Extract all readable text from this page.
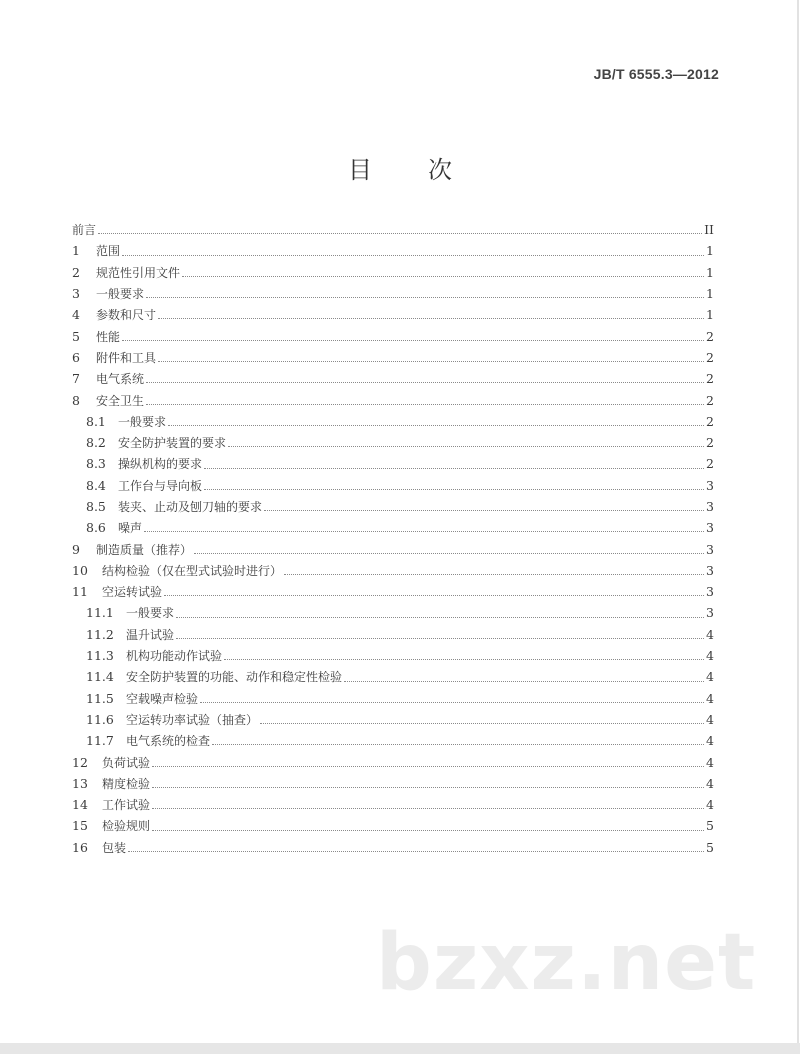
JB/T 6555.3—2012
目 次
前言	II
1	范围	1
2	规范性引用文件	1
3	一般要求	1
4	参数和尺寸	1
5	性能	2
6	附件和工具	2
7	电气系统	2
8	安全卫生	2
8.1	一般要求	2
8.2	安全防护装置的要求	2
8.3	操纵机构的要求	2
8.4	工作台与导向板	3
8.5	装夹、止动及刨刀轴的要求	3
8.6	噪声	3
9	制造质量（推荐）	3
10	结构检验（仅在型式试验时进行）	3
11	空运转试验	3
11.1	一般要求	3
11.2	温升试验	4
11.3	机构功能动作试验	4
11.4	安全防护装置的功能、动作和稳定性检验	4
11.5	空载噪声检验	4
11.6	空运转功率试验（抽查）	4
11.7	电气系统的检查	4
12	负荷试验	4
13	精度检验	4
14	工作试验	4
15	检验规则	5
16	包装	5
bzxz.net
